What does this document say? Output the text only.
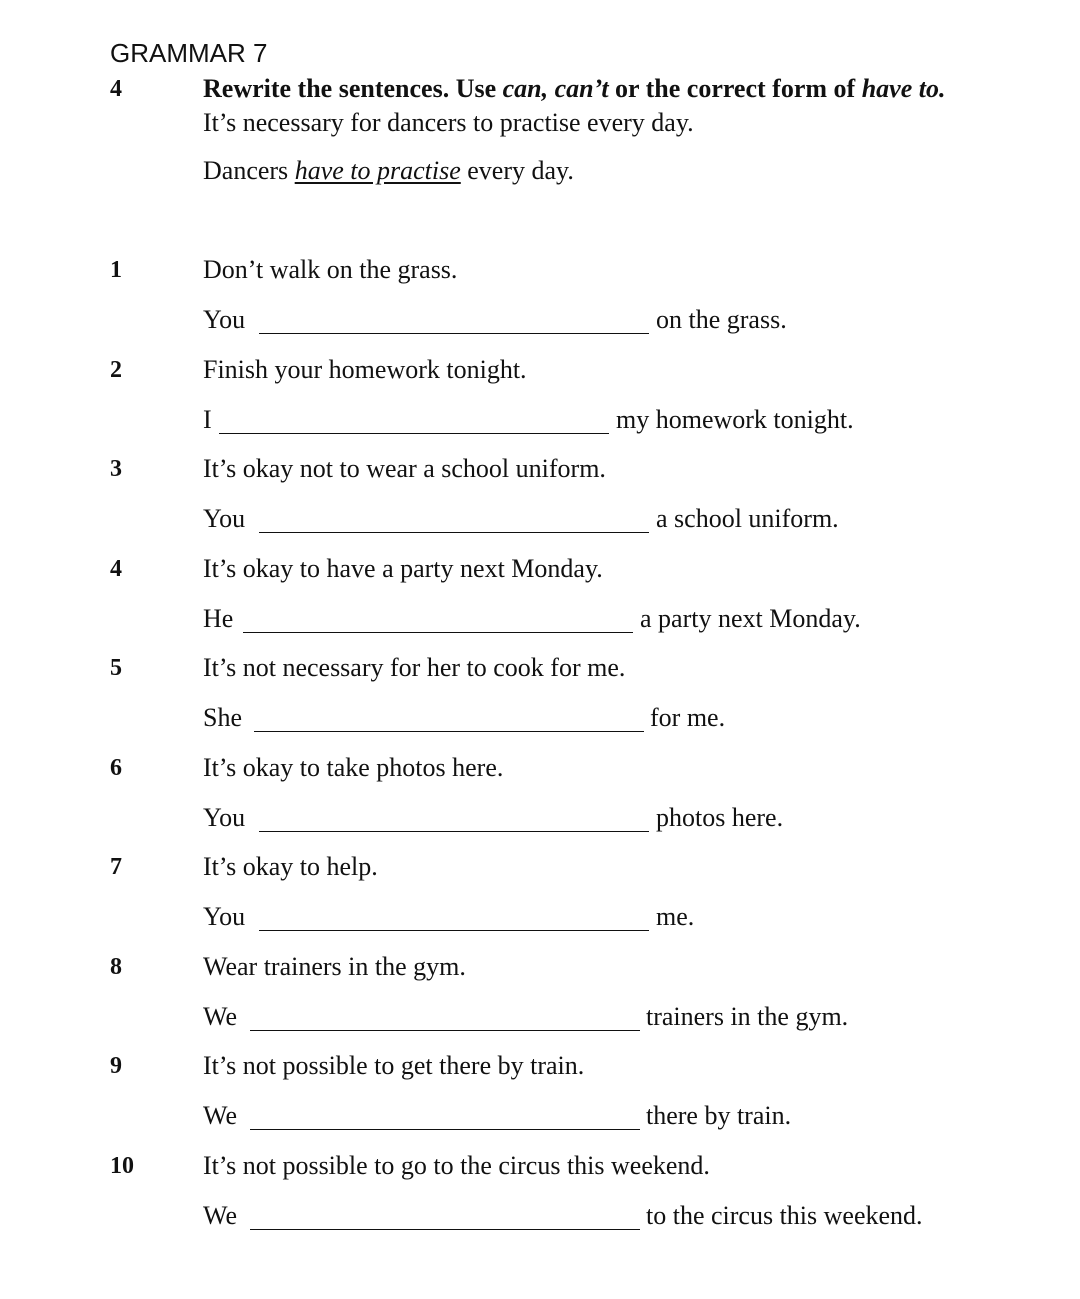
GRAMMAR 7
4	Rewrite the sentences. Use can, can’t or the correct form of have to.
It’s necessary for dancers to practise every day.
Dancers have to practise every day.
1	Don’t walk on the grass.
You	on the grass.
2	Finish your homework tonight.
I	my homework tonight.
3	It’s okay not to wear a school uniform.
You	a school uniform.
4	It’s okay to have a party next Monday.
He	a party next Monday.
5	It’s not necessary for her to cook for me.
She	for me.
6	It’s okay to take photos here.
You	photos here.
7	It’s okay to help.
You	me.
8	Wear trainers in the gym.
We	trainers in the gym.
9	It’s not possible to get there by train.
We	there by train.
10	It’s not possible to go to the circus this weekend.
We	to the circus this weekend.
